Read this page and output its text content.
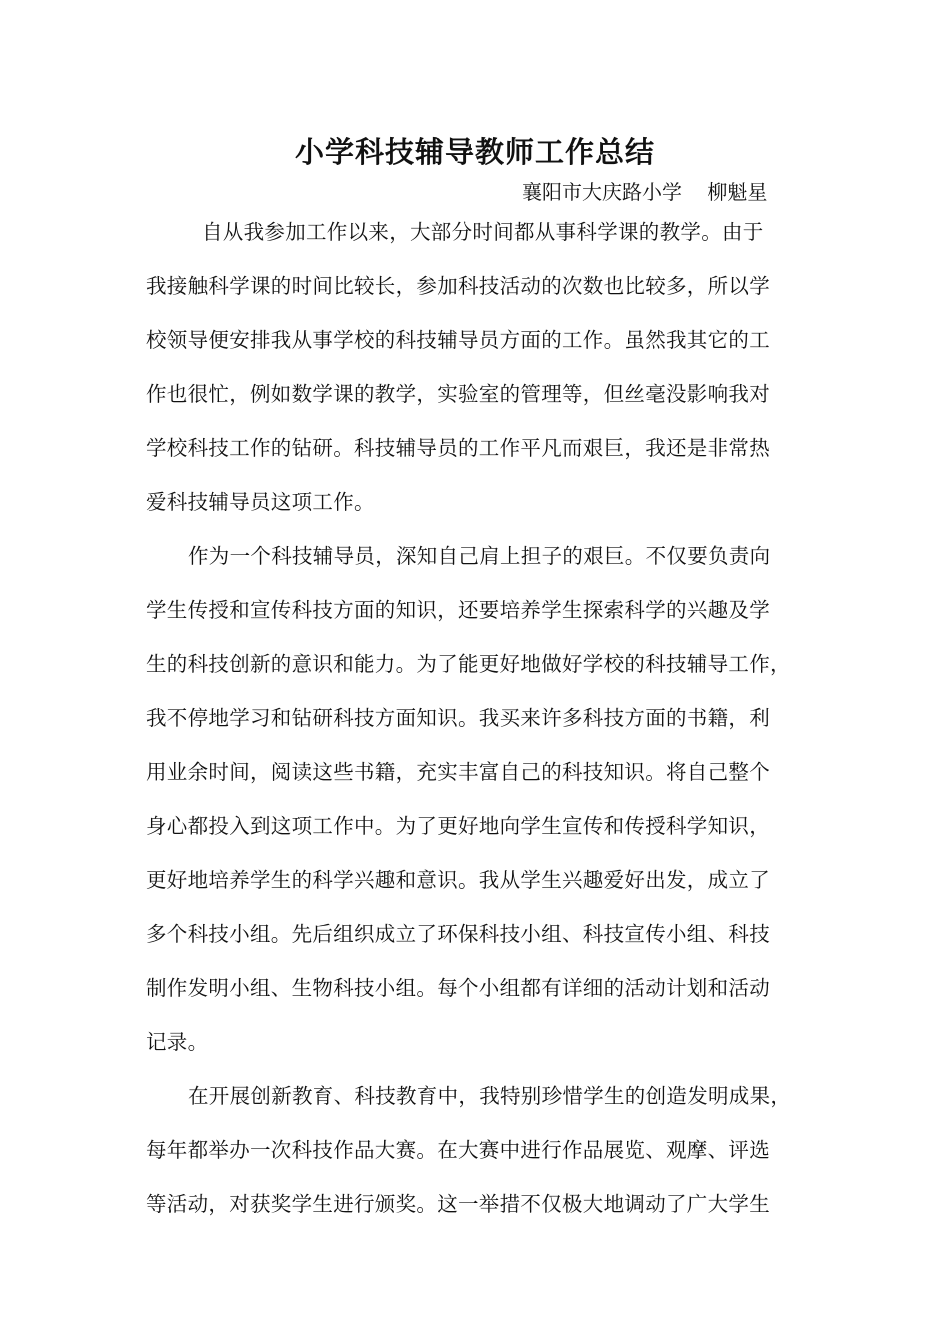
小学科技辅导教师工作总结
襄阳市大庆路小学    柳魁星
自从我参加工作以来，大部分时间都从事科学课的教学。由于
我接触科学课的时间比较长，参加科技活动的次数也比较多，所以学
校领导便安排我从事学校的科技辅导员方面的工作。虽然我其它的工
作也很忙，例如数学课的教学，实验室的管理等，但丝毫没影响我对
学校科技工作的钻研。科技辅导员的工作平凡而艰巨，我还是非常热
爱科技辅导员这项工作。
作为一个科技辅导员，深知自己肩上担子的艰巨。不仅要负责向
学生传授和宣传科技方面的知识，还要培养学生探索科学的兴趣及学
生的科技创新的意识和能力。为了能更好地做好学校的科技辅导工作，
我不停地学习和钻研科技方面知识。我买来许多科技方面的书籍，利
用业余时间，阅读这些书籍，充实丰富自己的科技知识。将自己整个
身心都投入到这项工作中。为了更好地向学生宣传和传授科学知识，
更好地培养学生的科学兴趣和意识。我从学生兴趣爱好出发，成立了
多个科技小组。先后组织成立了环保科技小组、科技宣传小组、科技
制作发明小组、生物科技小组。每个小组都有详细的活动计划和活动
记录。
在开展创新教育、科技教育中，我特别珍惜学生的创造发明成果，
每年都举办一次科技作品大赛。在大赛中进行作品展览、观摩、评选
等活动，对获奖学生进行颁奖。这一举措不仅极大地调动了广大学生
